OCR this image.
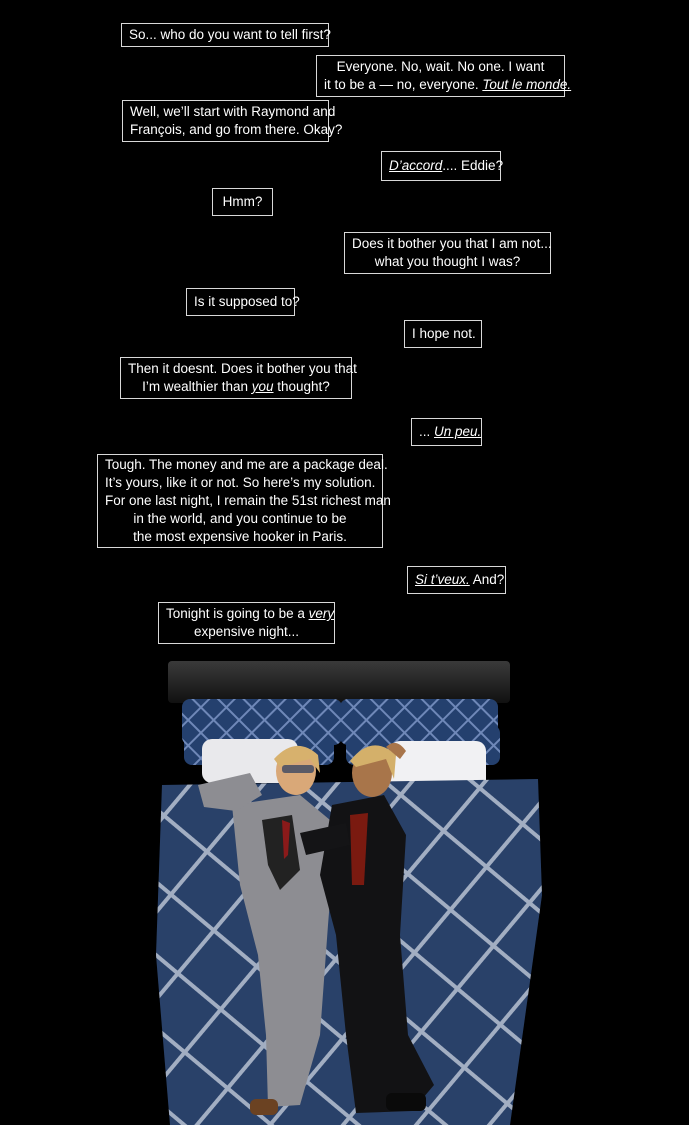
So... who do you want to tell first?
Everyone. No, wait. No one. I want
it to be a — no, everyone. Tout le monde.
Well, we’ll start with Raymond and
François, and go from there. Okay?
D’accord.... Eddie?
Hmm?
Does it bother you that I am not...
what you thought I was?
Is it supposed to?
I hope not.
Then it doesnt. Does it bother you that
I’m wealthier than you thought?
... Un peu.
Tough. The money and me are a package deal.
It’s yours, like it or not. So here’s my solution.
For one last night, I remain the 51st richest man
in the world, and you continue to be
the most expensive hooker in Paris.
Si t’veux. And?
Tonight is going to be a very
expensive night...
